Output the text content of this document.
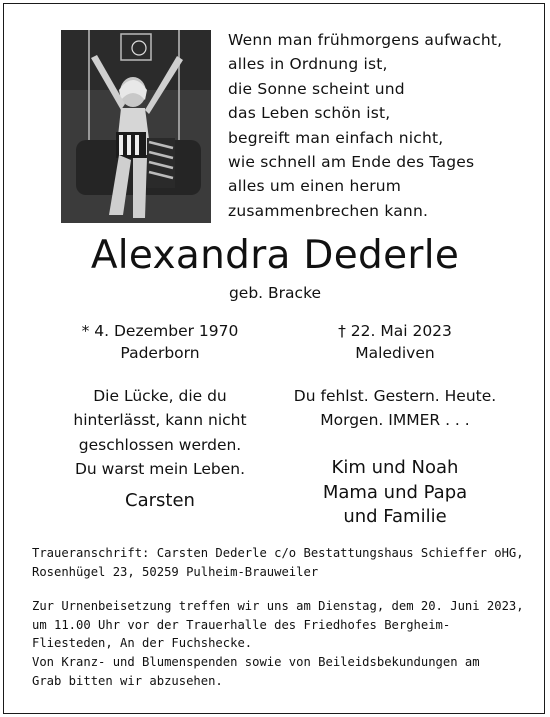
Wenn man frühmorgens aufwacht,
alles in Ordnung ist,
die Sonne scheint und
das Leben schön ist,
begreift man einfach nicht,
wie schnell am Ende des Tages
alles um einen herum
zusammenbrechen kann.
Alexandra Dederle
geb. Bracke
* 4. Dezember 1970
Paderborn
† 22. Mai 2023
Malediven
Die Lücke, die du
hinterlässt, kann nicht
geschlossen werden.
Du warst mein Leben.
Du fehlst. Gestern. Heute.
Morgen. IMMER . . .
Carsten
Kim und Noah
Mama und Papa
und Familie
Traueranschrift: Carsten Dederle c/o Bestattungshaus Schieffer oHG,
Rosenhügel 23, 50259 Pulheim-Brauweiler
Zur Urnenbeisetzung treffen wir uns am Dienstag, dem 20. Juni 2023,
um 11.00 Uhr vor der Trauerhalle des Friedhofes Bergheim-
Fliesteden, An der Fuchshecke.
Von Kranz- und Blumenspenden sowie von Beileidsbekundungen am
Grab bitten wir abzusehen.
